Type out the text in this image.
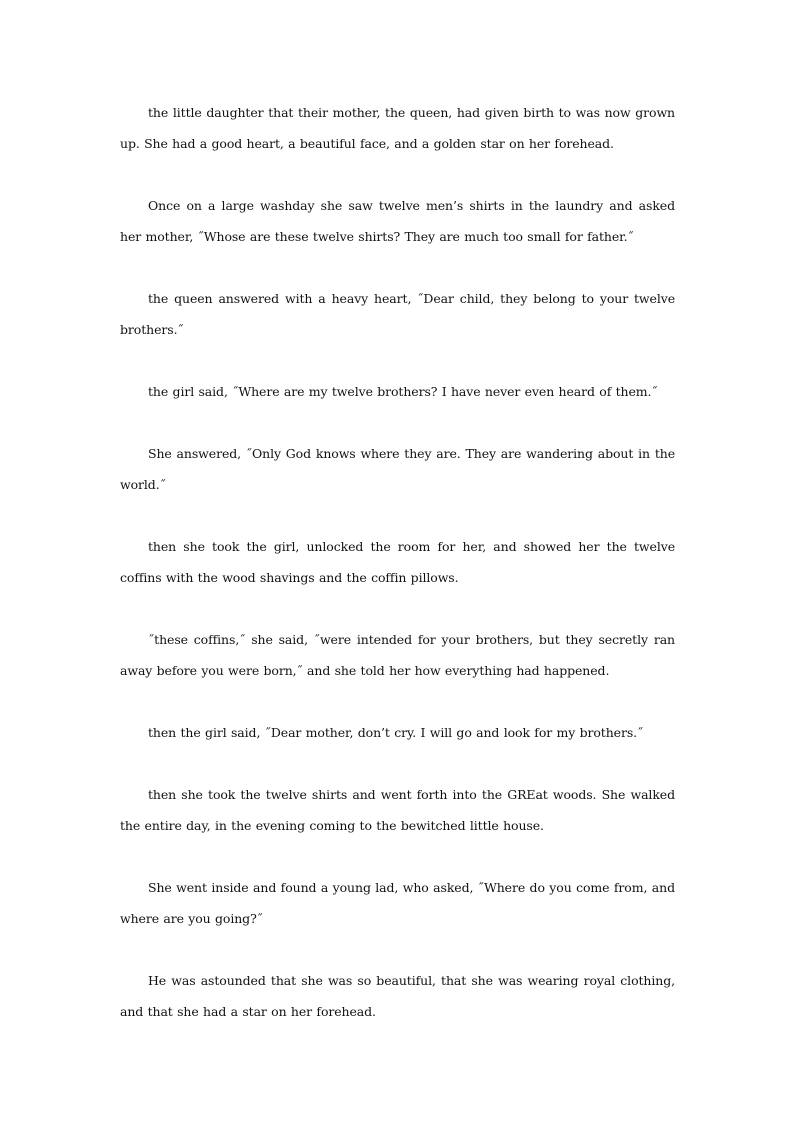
the little daughter that their mother, the queen, had given birth to was now grown up. She had a good heart, a beautiful face, and a golden star on her forehead.

Once on a large washday she saw twelve men’s shirts in the laundry and asked her mother, ˝Whose are these twelve shirts? They are much too small for father.˝

the queen answered with a heavy heart, ˝Dear child, they belong to your twelve brothers.˝

the girl said, ˝Where are my twelve brothers? I have never even heard of them.˝

She answered, ˝Only God knows where they are. They are wandering about in the world.˝

then she took the girl, unlocked the room for her, and showed her the twelve coffins with the wood shavings and the coffin pillows.

˝these coffins,˝ she said, ˝were intended for your brothers, but they secretly ran away before you were born,˝ and she told her how everything had happened.

then the girl said, ˝Dear mother, don’t cry. I will go and look for my brothers.˝

then she took the twelve shirts and went forth into the GREat woods. She walked the entire day, in the evening coming to the bewitched little house.

She went inside and found a young lad, who asked, ˝Where do you come from, and where are you going?˝

He was astounded that she was so beautiful, that she was wearing royal clothing, and that she had a star on her forehead.
